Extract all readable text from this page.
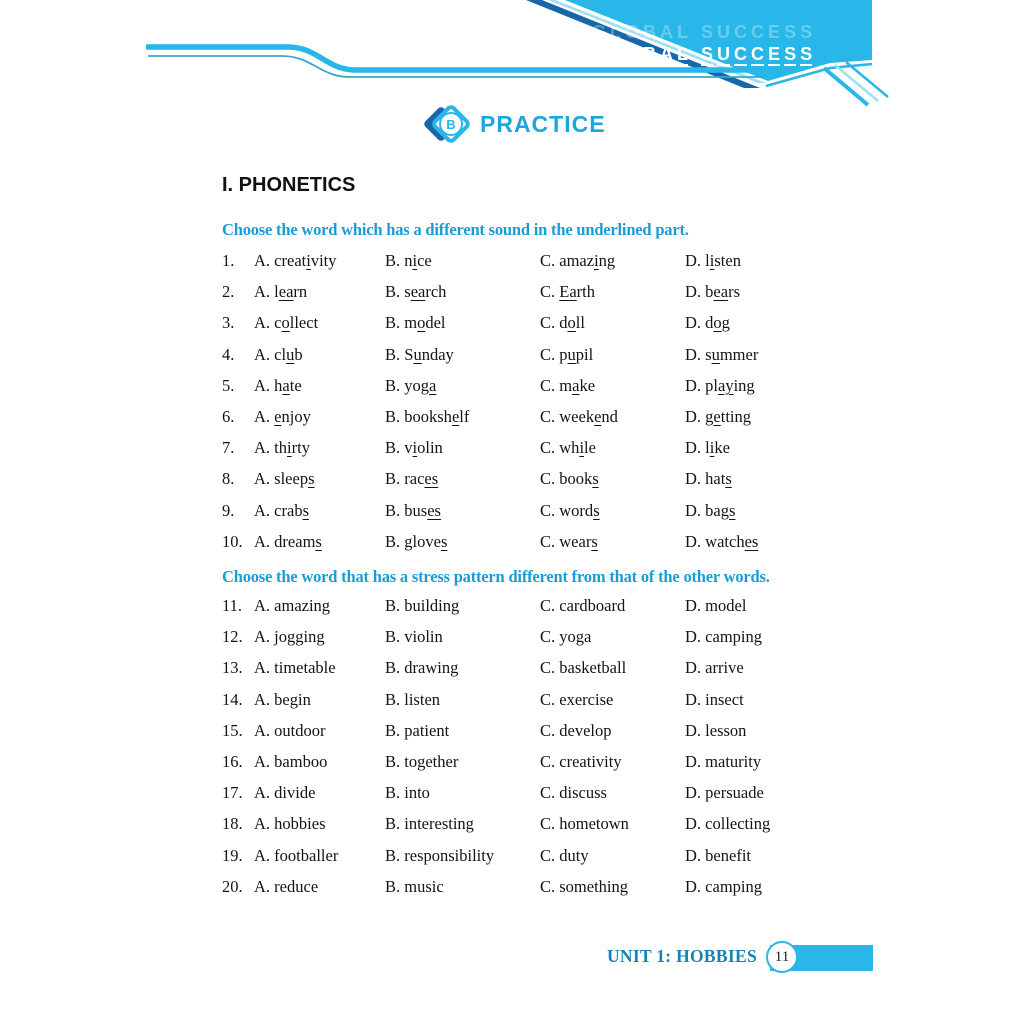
G L O B A L S U C C E S S
G L O B A L S U C C E S S
B	PRACTICE
I. PHONETICS
Choose the word which has a different sound in the underlined part.
1.	A. creativity	B. nice	C. amazing	D. listen
2.	A. learn	B. search	C. Earth	D. bears
3.	A. collect	B. model	C. doll	D. dog
4.	A. club	B. Sunday	C. pupil	D. summer
5.	A. hate	B. yoga	C. make	D. playing
6.	A. enjoy	B. bookshelf	C. weekend	D. getting
7.	A. thirty	B. violin	C. while	D. like
8.	A. sleeps	B. races	C. books	D. hats
9.	A. crabs	B. buses	C. words	D. bags
10. A. dreams	B. gloves	C. wears	D. watches
Choose the word that has a stress pattern different from that of the other words.
11. A. amazing	B. building	C. cardboard	D. model
12. A. jogging	B. violin	C. yoga	D. camping
13. A. timetable	B. drawing	C. basketball	D. arrive
14. A. begin	B. listen	C. exercise	D. insect
15. A. outdoor	B. patient	C. develop	D. lesson
16. A. bamboo	B. together	C. creativity	D. maturity
17. A. divide	B. into	C. discuss	D. persuade
18. A. hobbies	B. interesting	C. hometown	D. collecting
19. A. footballer	B. responsibility	C. duty	D. benefit
20. A. reduce	B. music	C. something	D. camping
UNIT 1: HOBBIES	11
